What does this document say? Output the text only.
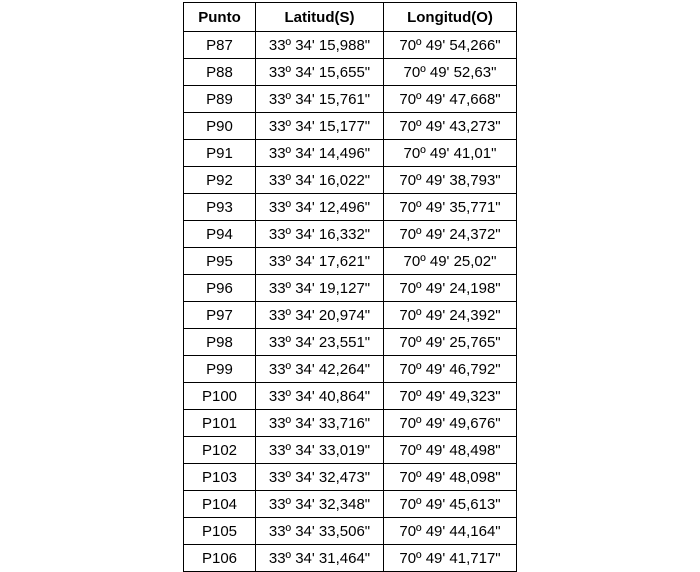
Punto	Latitud(S)	Longitud(O)
P87	33º 34' 15,988"	70º 49' 54,266"
P88	33º 34' 15,655"	70º 49' 52,63"
P89	33º 34' 15,761"	70º 49' 47,668"
P90	33º 34' 15,177"	70º 49' 43,273"
P91	33º 34' 14,496"	70º 49' 41,01"
P92	33º 34' 16,022"	70º 49' 38,793"
P93	33º 34' 12,496"	70º 49' 35,771"
P94	33º 34' 16,332"	70º 49' 24,372"
P95	33º 34' 17,621"	70º 49' 25,02"
P96	33º 34' 19,127"	70º 49' 24,198"
P97	33º 34' 20,974"	70º 49' 24,392"
P98	33º 34' 23,551"	70º 49' 25,765"
P99	33º 34' 42,264"	70º 49' 46,792"
P100	33º 34' 40,864"	70º 49' 49,323"
P101	33º 34' 33,716"	70º 49' 49,676"
P102	33º 34' 33,019"	70º 49' 48,498"
P103	33º 34' 32,473"	70º 49' 48,098"
P104	33º 34' 32,348"	70º 49' 45,613"
P105	33º 34' 33,506"	70º 49' 44,164"
P106	33º 34' 31,464"	70º 49' 41,717"
